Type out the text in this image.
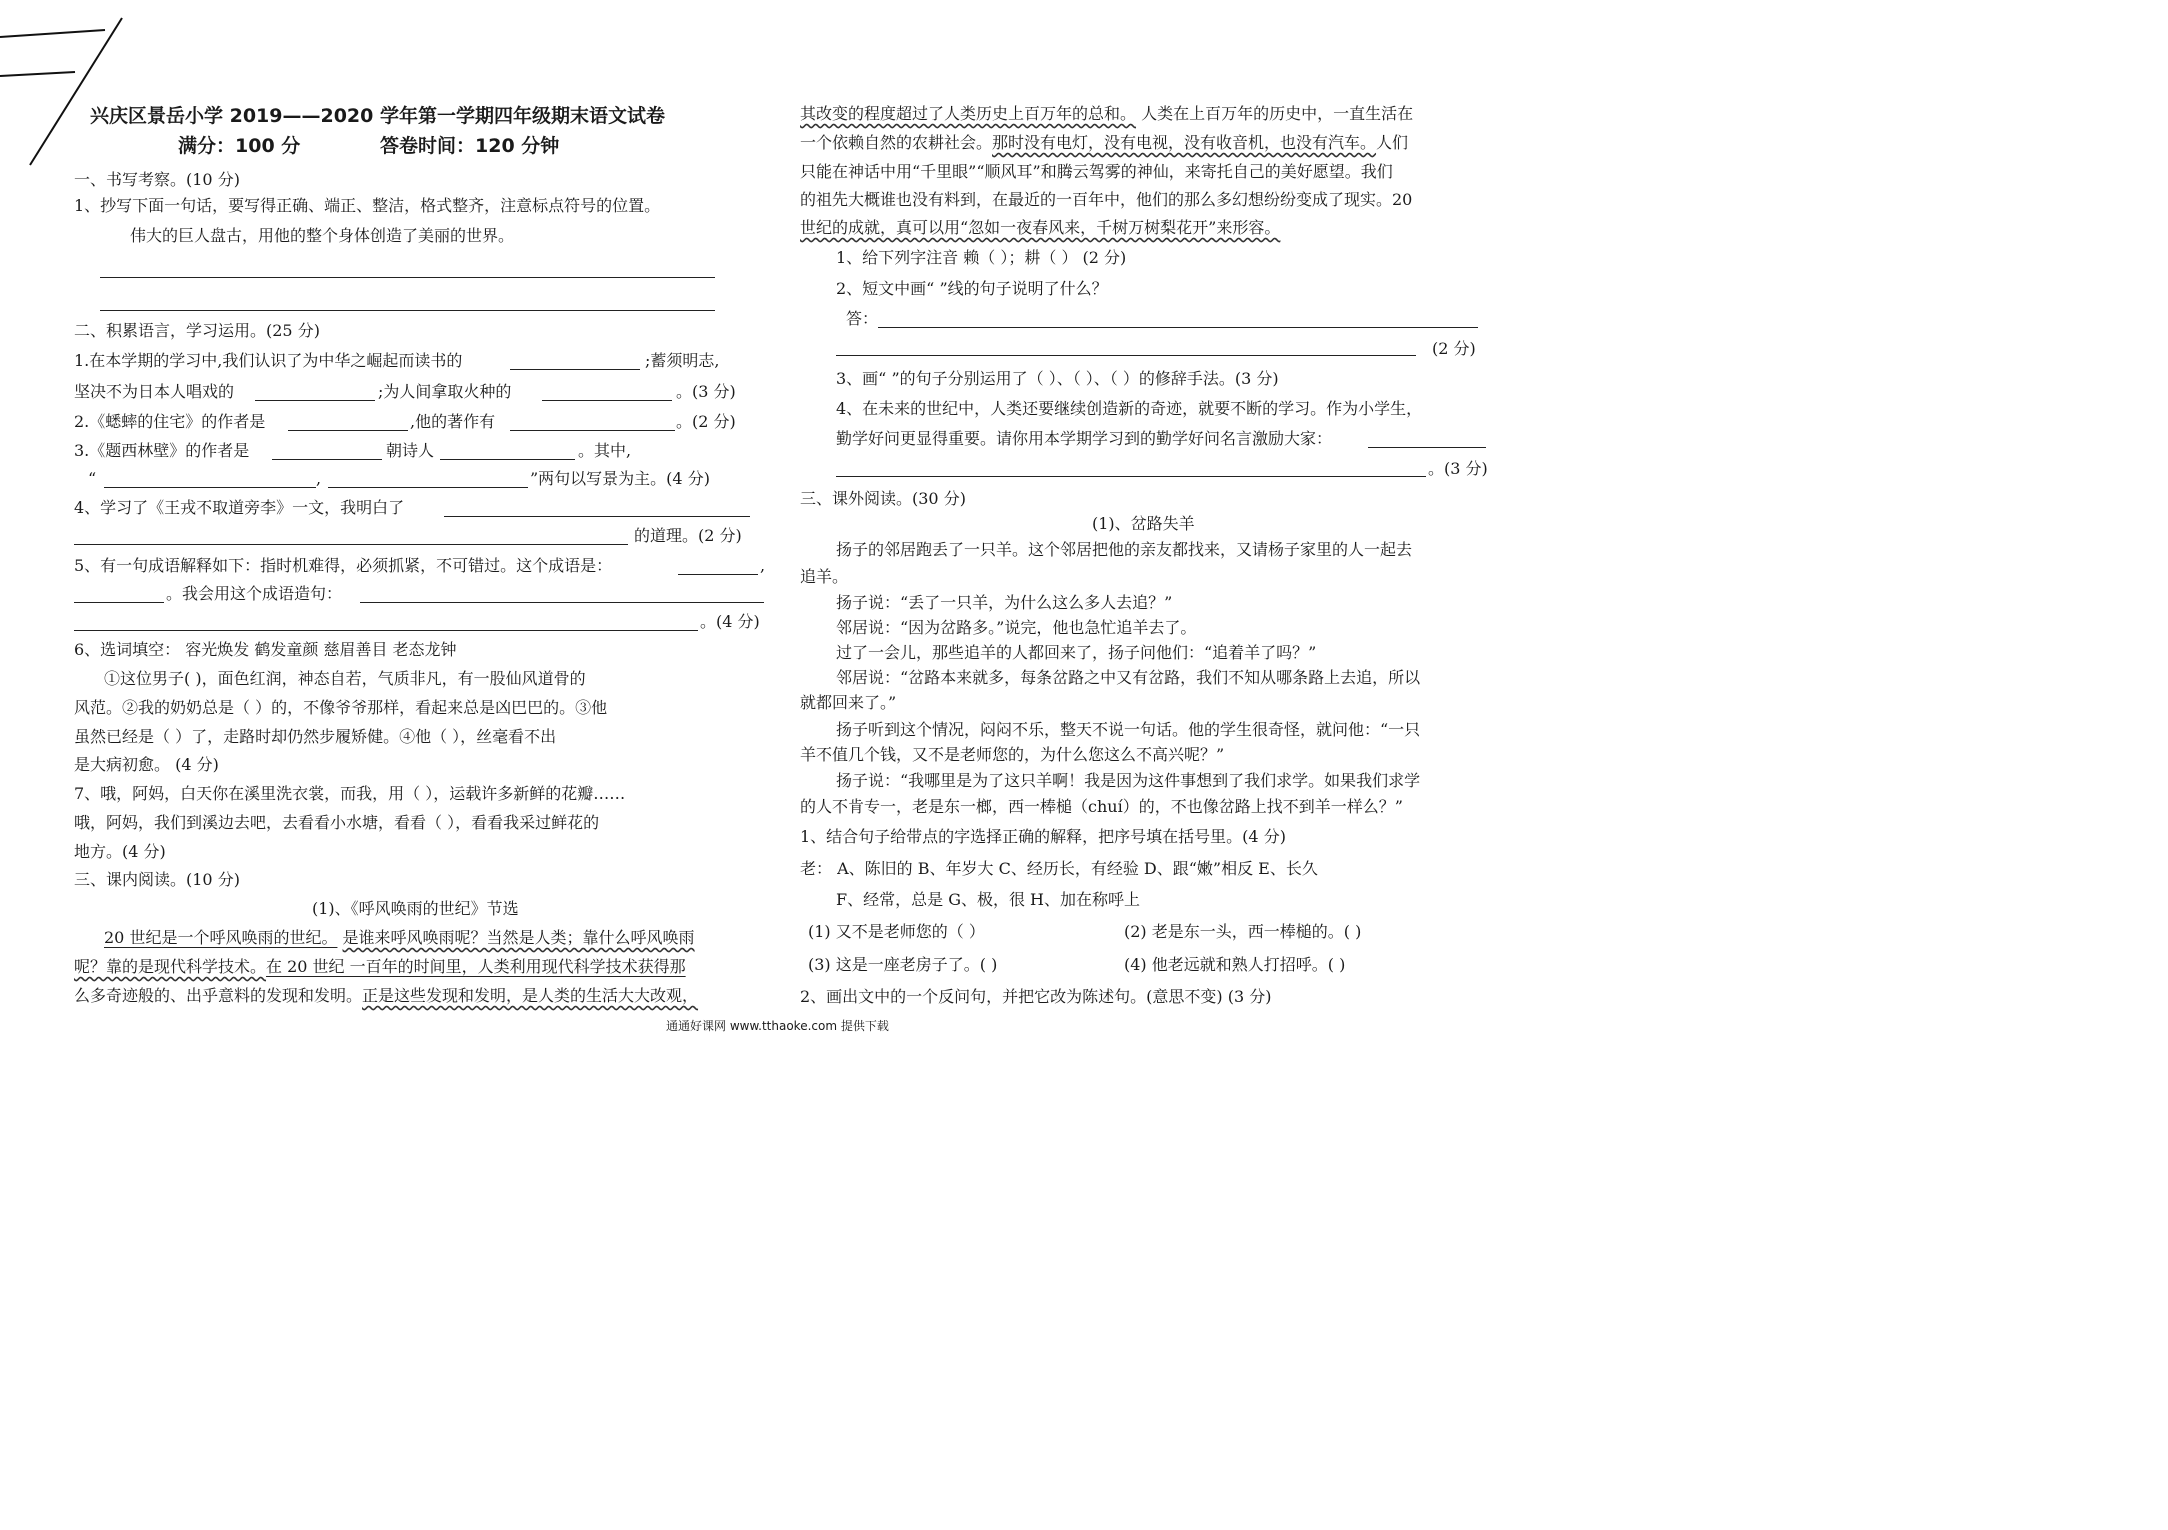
兴庆区景岳小学 2019——2020 学年第一学期四年级期末语文试卷
满分：100 分	答卷时间：120 分钟
一、书写考察。(10 分)
1、抄写下面一句话，要写得正确、端正、整洁，格式整齐，注意标点符号的位置。
伟大的巨人盘古，用他的整个身体创造了美丽的世界。
二、积累语言，学习运用。(25 分)
1.在本学期的学习中,我们认识了为中华之崛起而读书的	;蓄须明志,
坚决不为日本人唱戏的	;为人间拿取火种的	。(3 分)
2.《蟋蟀的住宅》的作者是	,他的著作有	。(2 分)
3.《题西林壁》的作者是	朝诗人	。其中,
“	,	”两句以写景为主。(4 分)
4、学习了《王戎不取道旁李》一文，我明白了
的道理。(2 分)
5、有一句成语解释如下：指时机难得，必须抓紧，不可错过。这个成语是：	,
。我会用这个成语造句：
。(4 分)
6、选词填空： 容光焕发 鹤发童颜 慈眉善目 老态龙钟
①这位男子( )，面色红润，神态自若，气质非凡，有一股仙风道骨的
风范。②我的奶奶总是（ ）的，不像爷爷那样，看起来总是凶巴巴的。③他
虽然已经是（ ）了，走路时却仍然步履矫健。④他（ ），丝毫看不出
是大病初愈。 (4 分)
7、哦，阿妈，白天你在溪里洗衣裳，而我，用（ ），运载许多新鲜的花瓣……
哦，阿妈，我们到溪边去吧，去看看小水塘，看看（ ），看看我采过鲜花的
地方。(4 分)
三、课内阅读。(10 分)
(1)、《呼风唤雨的世纪》节选
20 世纪是一个呼风唤雨的世纪。 是谁来呼风唤雨呢？当然是人类；靠什么呼风唤雨
呢？靠的是现代科学技术。在 20 世纪 一百年的时间里，人类利用现代科学技术获得那
么多奇迹般的、出乎意料的发现和发明。正是这些发现和发明，是人类的生活大大改观，
其改变的程度超过了人类历史上百万年的总和。 人类在上百万年的历史中，一直生活在
一个依赖自然的农耕社会。那时没有电灯，没有电视，没有收音机，也没有汽车。人们
只能在神话中用“千里眼”“顺风耳”和腾云驾雾的神仙，来寄托自己的美好愿望。我们
的祖先大概谁也没有料到，在最近的一百年中，他们的那么多幻想纷纷变成了现实。20
世纪的成就，真可以用“忽如一夜春风来，千树万树梨花开”来形容。
1、给下列字注音 赖（ ）；耕（ ） (2 分)
2、短文中画“ ”线的句子说明了什么？
答：
(2 分)
3、画“ ”的句子分别运用了（ ）、（ ）、（ ）的修辞手法。(3 分)
4、在未来的世纪中，人类还要继续创造新的奇迹，就要不断的学习。作为小学生，
勤学好问更显得重要。请你用本学期学习到的勤学好问名言激励大家：
。(3 分)
三、课外阅读。(30 分)
(1)、岔路失羊
扬子的邻居跑丢了一只羊。这个邻居把他的亲友都找来，又请杨子家里的人一起去
追羊。
扬子说：“丢了一只羊，为什么这么多人去追？”
邻居说：“因为岔路多。”说完，他也急忙追羊去了。
过了一会儿，那些追羊的人都回来了，扬子问他们：“追着羊了吗？”
邻居说：“岔路本来就多，每条岔路之中又有岔路，我们不知从哪条路上去追，所以
就都回来了。”
扬子听到这个情况，闷闷不乐，整天不说一句话。他的学生很奇怪，就问他：“一只
羊不值几个钱，又不是老师您的，为什么您这么不高兴呢？”
扬子说：“我哪里是为了这只羊啊！我是因为这件事想到了我们求学。如果我们求学
的人不肯专一，老是东一榔，西一棒槌（chuí）的，不也像岔路上找不到羊一样么？”
1、结合句子给带点的字选择正确的解释，把序号填在括号里。(4 分)
老： A、陈旧的 B、年岁大 C、经历长，有经验 D、跟“嫩”相反 E、长久
F、经常，总是 G、极，很 H、加在称呼上
(1) 又不是老师您的（ ）	(2) 老是东一头，西一棒槌的。( )
(3) 这是一座老房子了。( )	(4) 他老远就和熟人打招呼。( )
2、画出文中的一个反问句，并把它改为陈述句。(意思不变) (3 分)
通通好课网 www.tthaoke.com 提供下载
